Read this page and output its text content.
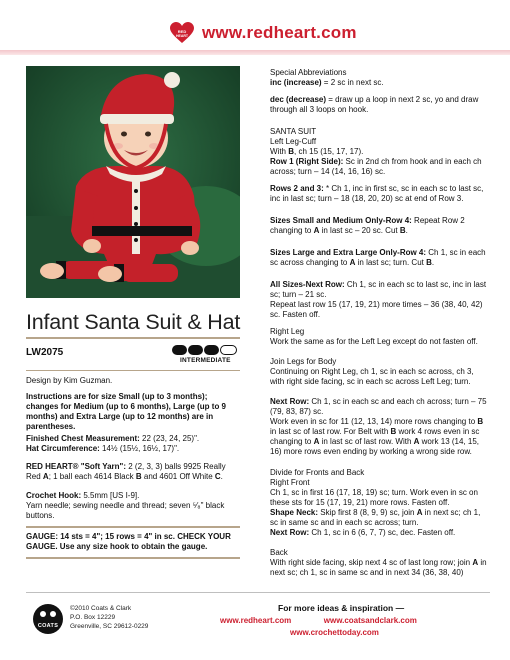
RED
HEART www.redheart.com
Infant Santa Suit & Hat
LW2075
INTERMEDIATE
Design by Kim Guzman.
Instructions are for size Small (up to 3 months); changes for Medium (up to 6 months), Large (up to 9 months) and Extra Large (up to 12 months) are in parentheses.
Finished Chest Measurement: 22 (23, 24, 25)".
Hat Circumference: 14½ (15½, 16½, 17)".
RED HEART® "Soft Yarn": 2 (2, 3, 3) balls 9925 Really Red A; 1 ball each 4614 Black B and 4601 Off White C.
Crochet Hook: 5.5mm [US I-9].
Yarn needle; sewing needle and thread; seven ⁵⁄₈" black buttons.
GAUGE: 14 sts = 4"; 15 rows = 4" in sc. CHECK YOUR GAUGE. Use any size hook to obtain the gauge.
Special Abbreviations
inc (increase) = 2 sc in next sc.
dec (decrease) = draw up a loop in next 2 sc, yo and draw through all 3 loops on hook.
SANTA SUIT
Left Leg-Cuff
With B, ch 15 (15, 17, 17).
Row 1 (Right Side): Sc in 2nd ch from hook and in each ch across; turn – 14 (14, 16, 16) sc.
Rows 2 and 3: * Ch 1, inc in first sc, sc in each sc to last sc, inc in last sc; turn – 18 (18, 20, 20) sc at end of Row 3.
Sizes Small and Medium Only-Row 4: Repeat Row 2 changing to A in last sc – 20 sc. Cut B.
Sizes Large and Extra Large Only-Row 4: Ch 1, sc in each sc across changing to A in last sc; turn. Cut B.
All Sizes-Next Row: Ch 1, sc in each sc to last sc, inc in last sc; turn – 21 sc.
Repeat last row 15 (17, 19, 21) more times – 36 (38, 40, 42) sc. Fasten off.
Right Leg
Work the same as for the Left Leg except do not fasten off.
Join Legs for Body
Continuing on Right Leg, ch 1, sc in each sc across, ch 3, with right side facing, sc in each sc across Left Leg; turn.
Next Row: Ch 1, sc in each sc and each ch across; turn – 75 (79, 83, 87) sc.
Work even in sc for 11 (12, 13, 14) more rows changing to B in last sc of last row. For Belt with B work 4 rows even in sc changing to A in last sc of last row. With A work 13 (14, 15, 16) more rows even ending by working a wrong side row.
Divide for Fronts and Back
Right Front
Ch 1, sc in first 16 (17, 18, 19) sc; turn. Work even in sc on these sts for 15 (17, 19, 21) more rows. Fasten off.
Shape Neck: Skip first 8 (8, 9, 9) sc, join A in next sc; ch 1, sc in same sc and in each sc across; turn.
Next Row: Ch 1, sc in 6 (6, 7, 7) sc, dec. Fasten off.
Back
With right side facing, skip next 4 sc of last long row; join A in next sc; ch 1, sc in same sc and in next 34 (36, 38, 40)
COATS
©2010 Coats & Clark
P.O. Box 12229
Greenville, SC 29612-0229
For more ideas & inspiration —
www.redheart.com	www.coatsandclark.com
www.crochettoday.com
